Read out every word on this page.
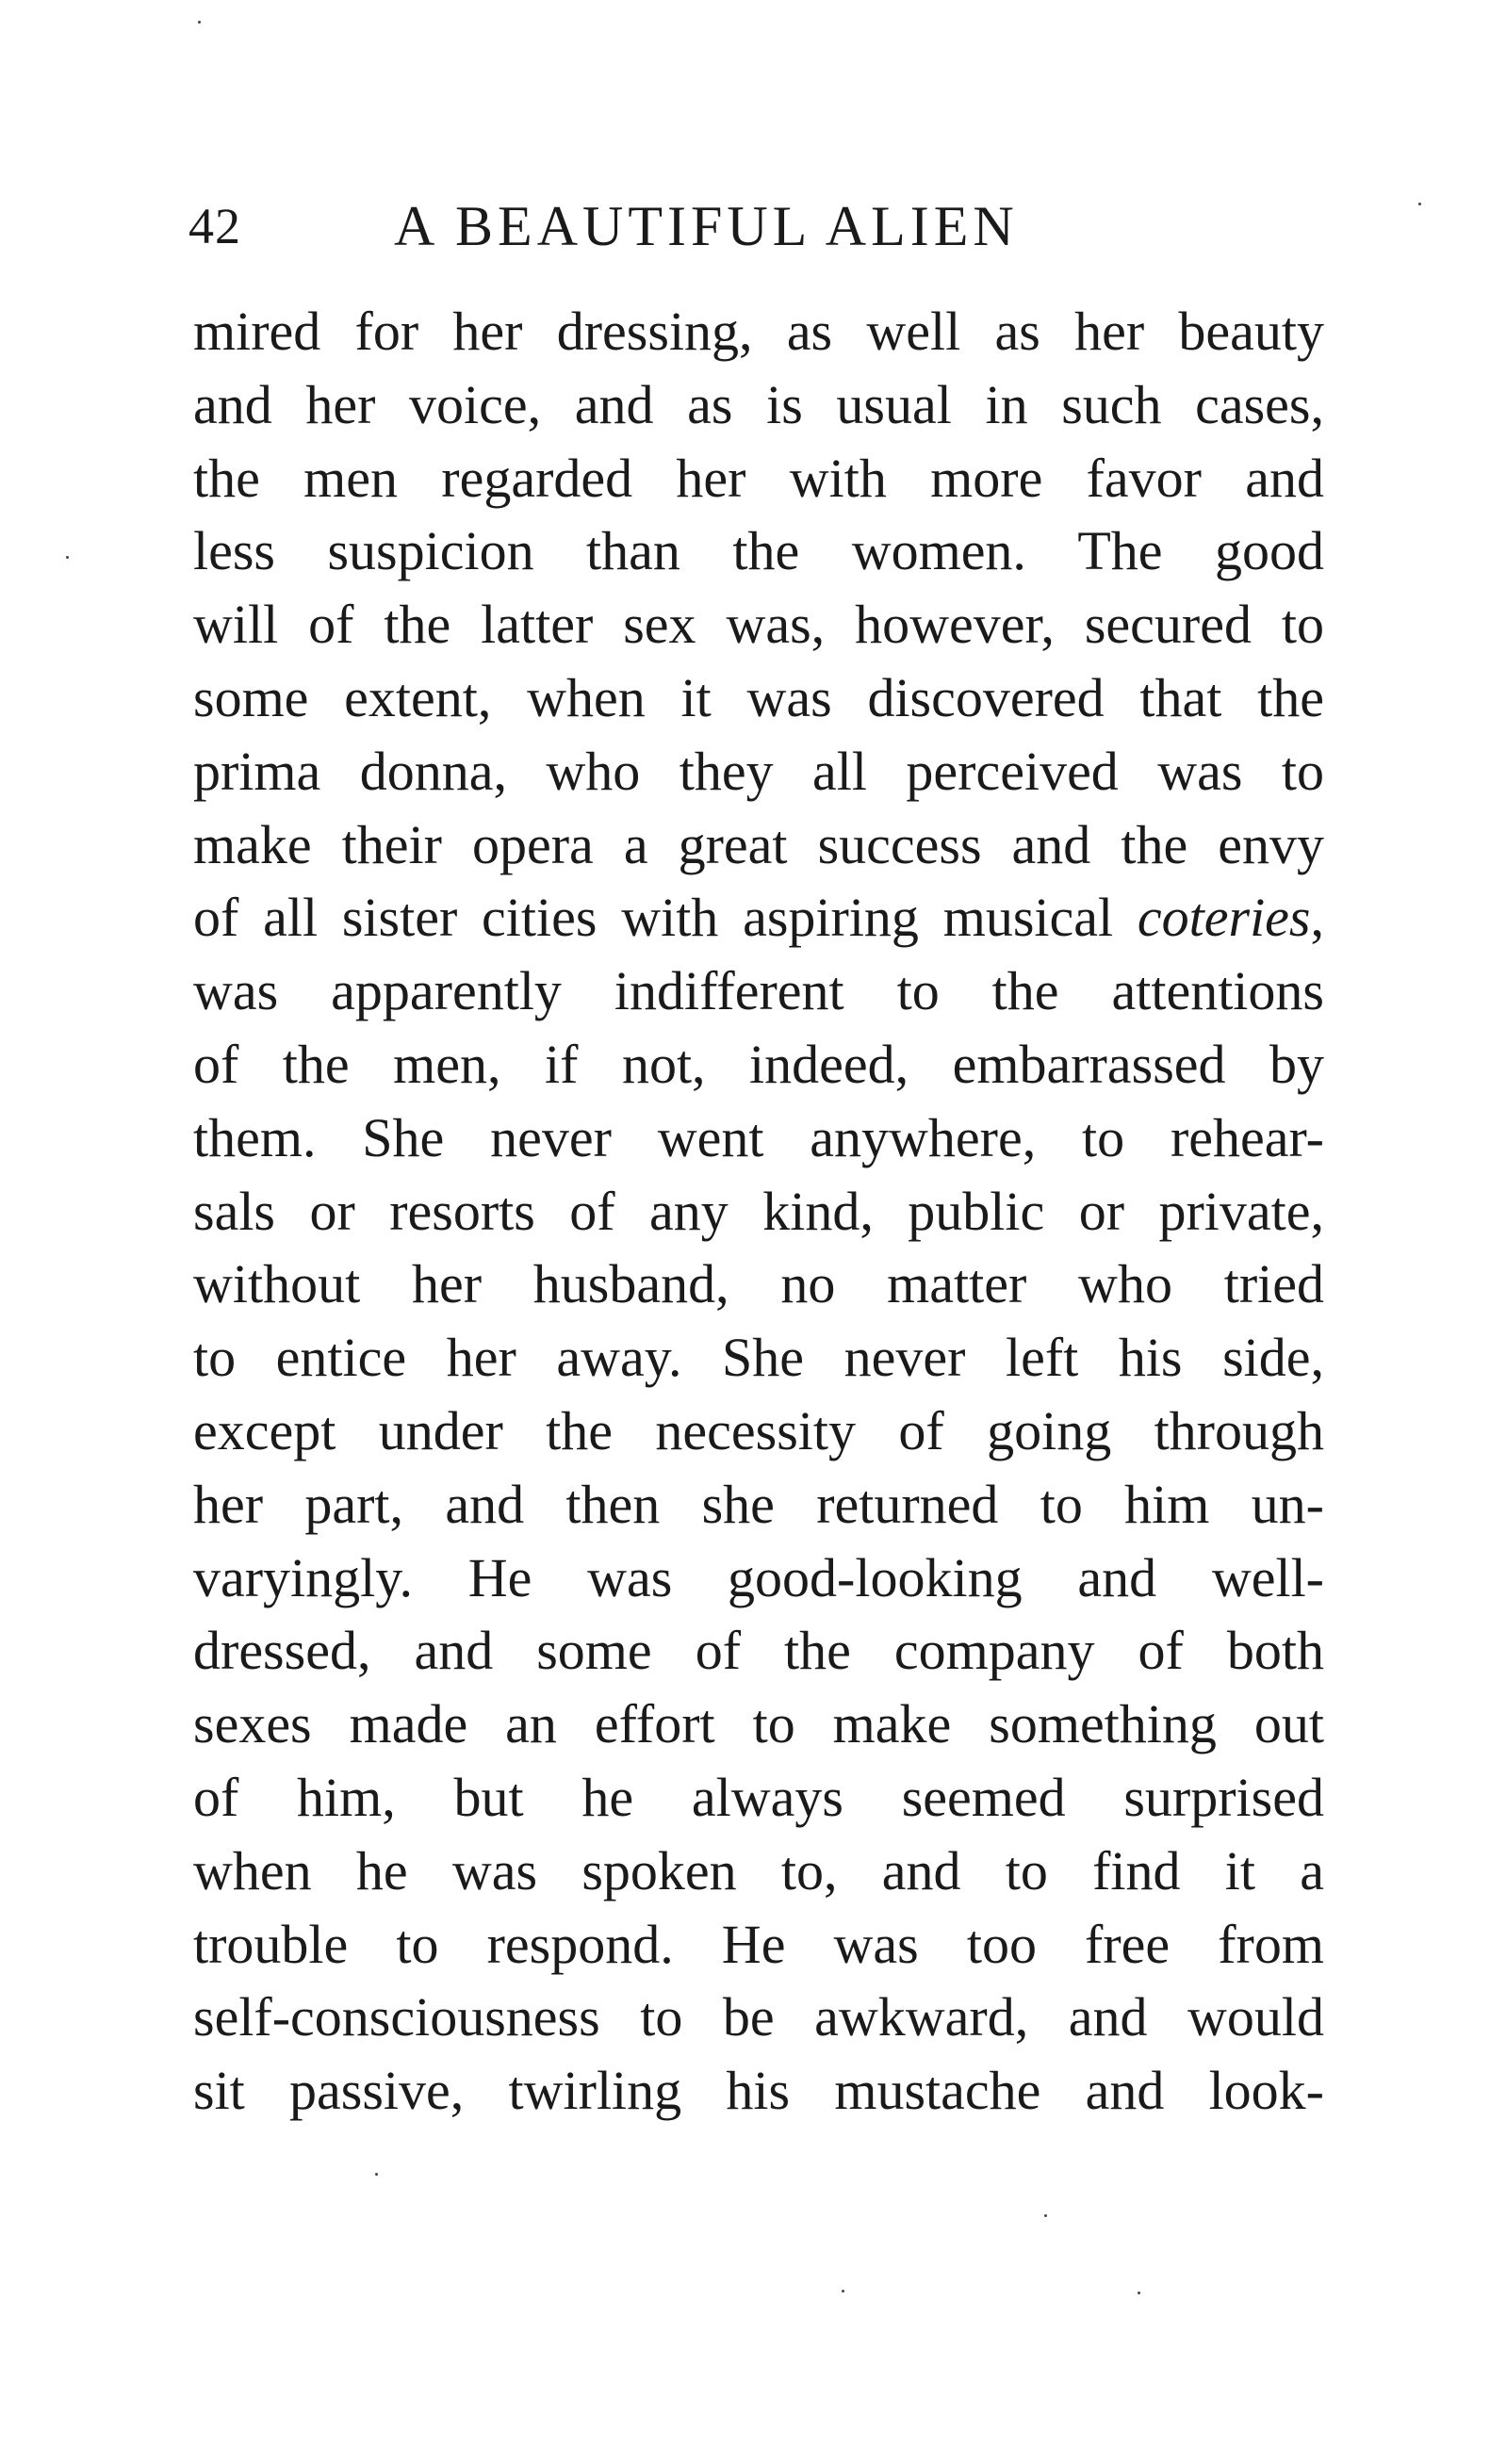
42	A BEAUTIFUL ALIEN
mired for her dressing, as well as her beauty
and her voice, and as is usual in such cases,
the men regarded her with more favor and
less suspicion than the women. The good
will of the latter sex was, however, secured to
some extent, when it was discovered that the
prima donna, who they all perceived was to
make their opera a great success and the envy
of all sister cities with aspiring musical coteries,
was apparently indifferent to the attentions
of the men, if not, indeed, embarrassed by
them. She never went anywhere, to rehear-
sals or resorts of any kind, public or private,
without her husband, no matter who tried
to entice her away. She never left his side,
except under the necessity of going through
her part, and then she returned to him un-
varyingly. He was good-looking and well-
dressed, and some of the company of both
sexes made an effort to make something out
of him, but he always seemed surprised
when he was spoken to, and to find it a
trouble to respond. He was too free from
self-consciousness to be awkward, and would
sit passive, twirling his mustache and look-
